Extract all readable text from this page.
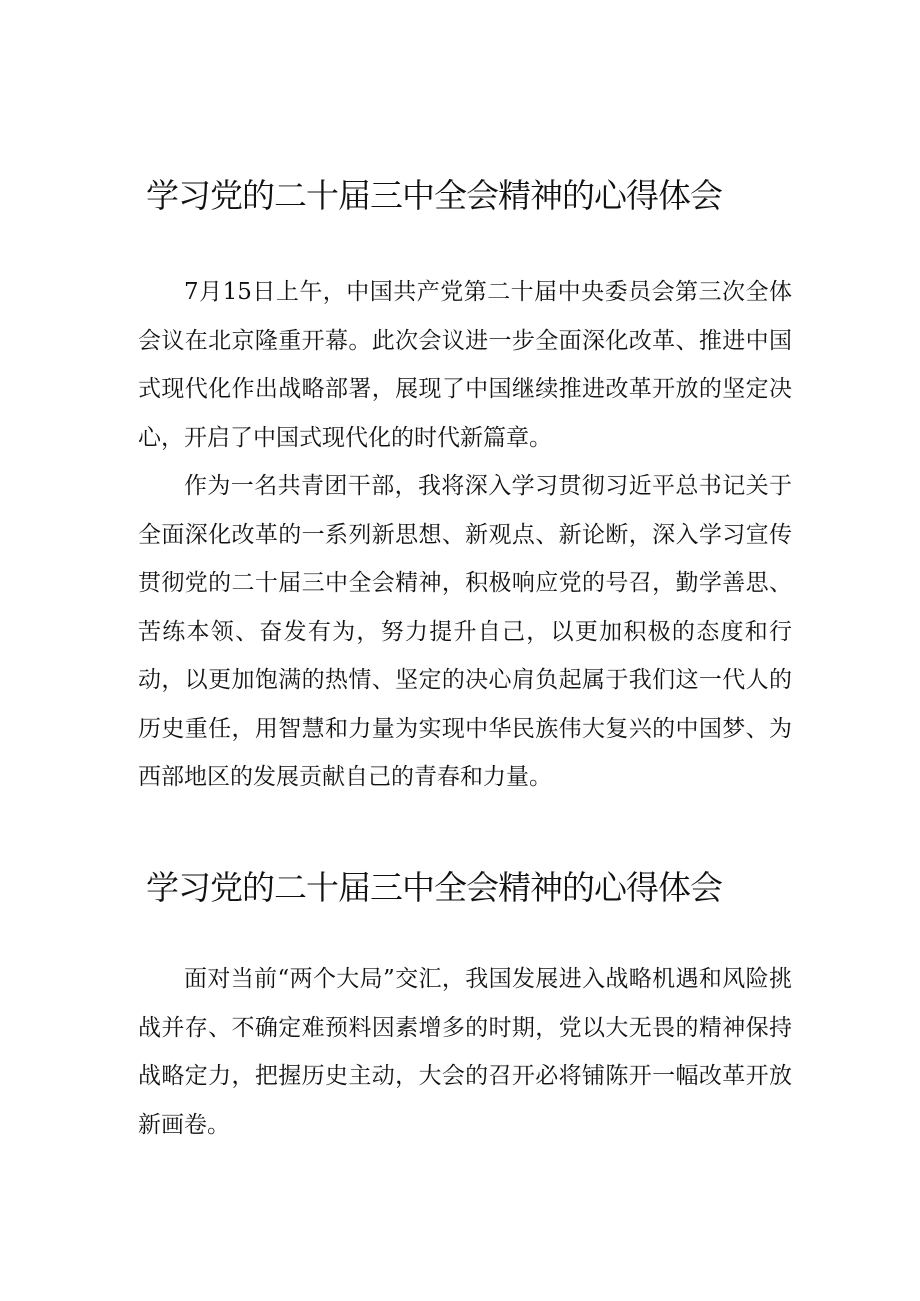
学习党的二十届三中全会精神的心得体会

7月15日上午，中国共产党第二十届中央委员会第三次全体会议在北京隆重开幕。此次会议进一步全面深化改革、推进中国式现代化作出战略部署，展现了中国继续推进改革开放的坚定决心，开启了中国式现代化的时代新篇章。

作为一名共青团干部，我将深入学习贯彻习近平总书记关于全面深化改革的一系列新思想、新观点、新论断，深入学习宣传贯彻党的二十届三中全会精神，积极响应党的号召，勤学善思、苦练本领、奋发有为，努力提升自己，以更加积极的态度和行动，以更加饱满的热情、坚定的决心肩负起属于我们这一代人的历史重任，用智慧和力量为实现中华民族伟大复兴的中国梦、为西部地区的发展贡献自己的青春和力量。

学习党的二十届三中全会精神的心得体会

面对当前“两个大局”交汇，我国发展进入战略机遇和风险挑战并存、不确定难预料因素增多的时期，党以大无畏的精神保持战略定力，把握历史主动，大会的召开必将铺陈开一幅改革开放新画卷。
